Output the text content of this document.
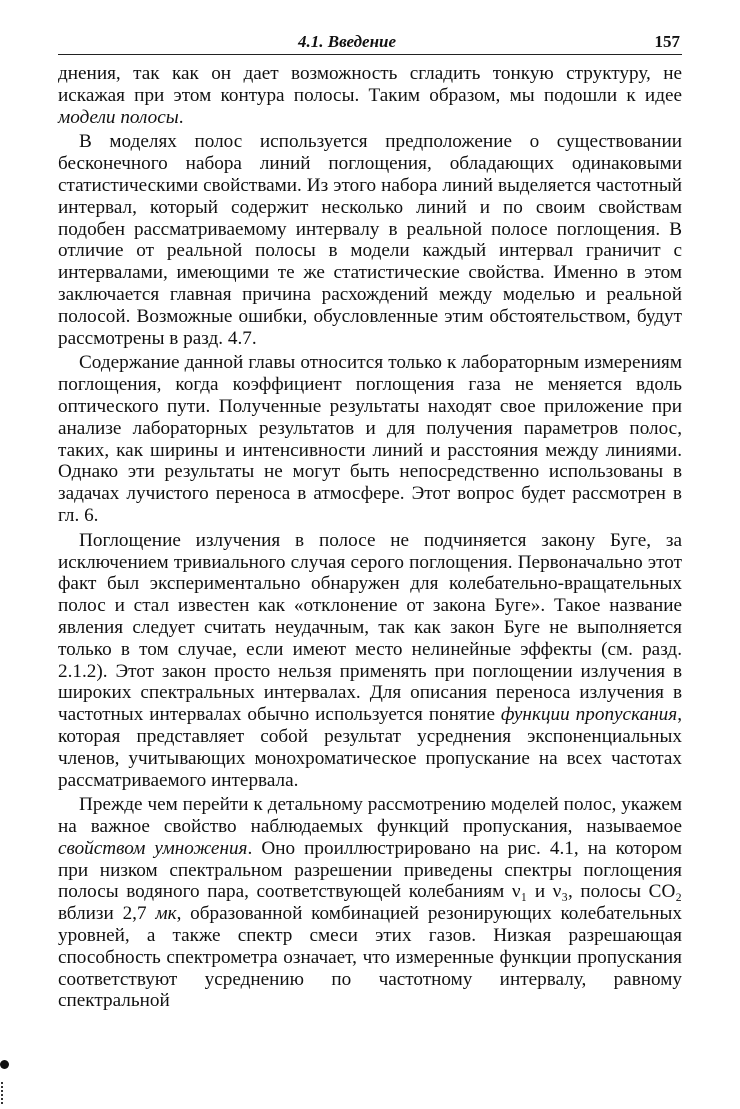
4.1. Введение	157

днения, так как он дает возможность сгладить тонкую структуру, не искажая при этом контура полосы. Таким образом, мы подошли к идее модели полосы.

В моделях полос используется предположение о существовании бесконечного набора линий поглощения, обладающих одинаковыми статистическими свойствами. Из этого набора линий выделяется частотный интервал, который содержит несколько линий и по своим свойствам подобен рассматриваемому интервалу в реальной полосе поглощения. В отличие от реальной полосы в модели каждый интервал граничит с интервалами, имеющими те же статистические свойства. Именно в этом заключается главная причина расхождений между моделью и реальной полосой. Возможные ошибки, обусловленные этим обстоятельством, будут рассмотрены в разд. 4.7.

Содержание данной главы относится только к лабораторным измерениям поглощения, когда коэффициент поглощения газа не меняется вдоль оптического пути. Полученные результаты находят свое приложение при анализе лабораторных результатов и для получения параметров полос, таких, как ширины и интенсивности линий и расстояния между линиями. Однако эти результаты не могут быть непосредственно использованы в задачах лучистого переноса в атмосфере. Этот вопрос будет рассмотрен в гл. 6.

Поглощение излучения в полосе не подчиняется закону Буге, за исключением тривиального случая серого поглощения. Первоначально этот факт был экспериментально обнаружен для колебательно-вращательных полос и стал известен как «отклонение от закона Буге». Такое название явления следует считать неудачным, так как закон Буге не выполняется только в том случае, если имеют место нелинейные эффекты (см. разд. 2.1.2). Этот закон просто нельзя применять при поглощении излучения в широких спектральных интервалах. Для описания переноса излучения в частотных интервалах обычно используется понятие функции пропускания, которая представляет собой результат усреднения экспоненциальных членов, учитывающих монохроматическое пропускание на всех частотах рассматриваемого интервала.

Прежде чем перейти к детальному рассмотрению моделей полос, укажем на важное свойство наблюдаемых функций пропускания, называемое свойством умножения. Оно проиллюстрировано на рис. 4.1, на котором при низком спектральном разрешении приведены спектры поглощения полосы водяного пара, соответствующей колебаниям ν₁ и ν₃, полосы CO₂ вблизи 2,7 мк, образованной комбинацией резонирующих колебательных уровней, а также спектр смеси этих газов. Низкая разрешающая способность спектрометра означает, что измеренные функции пропускания соответствуют усреднению по частотному интервалу, равному спектральной
